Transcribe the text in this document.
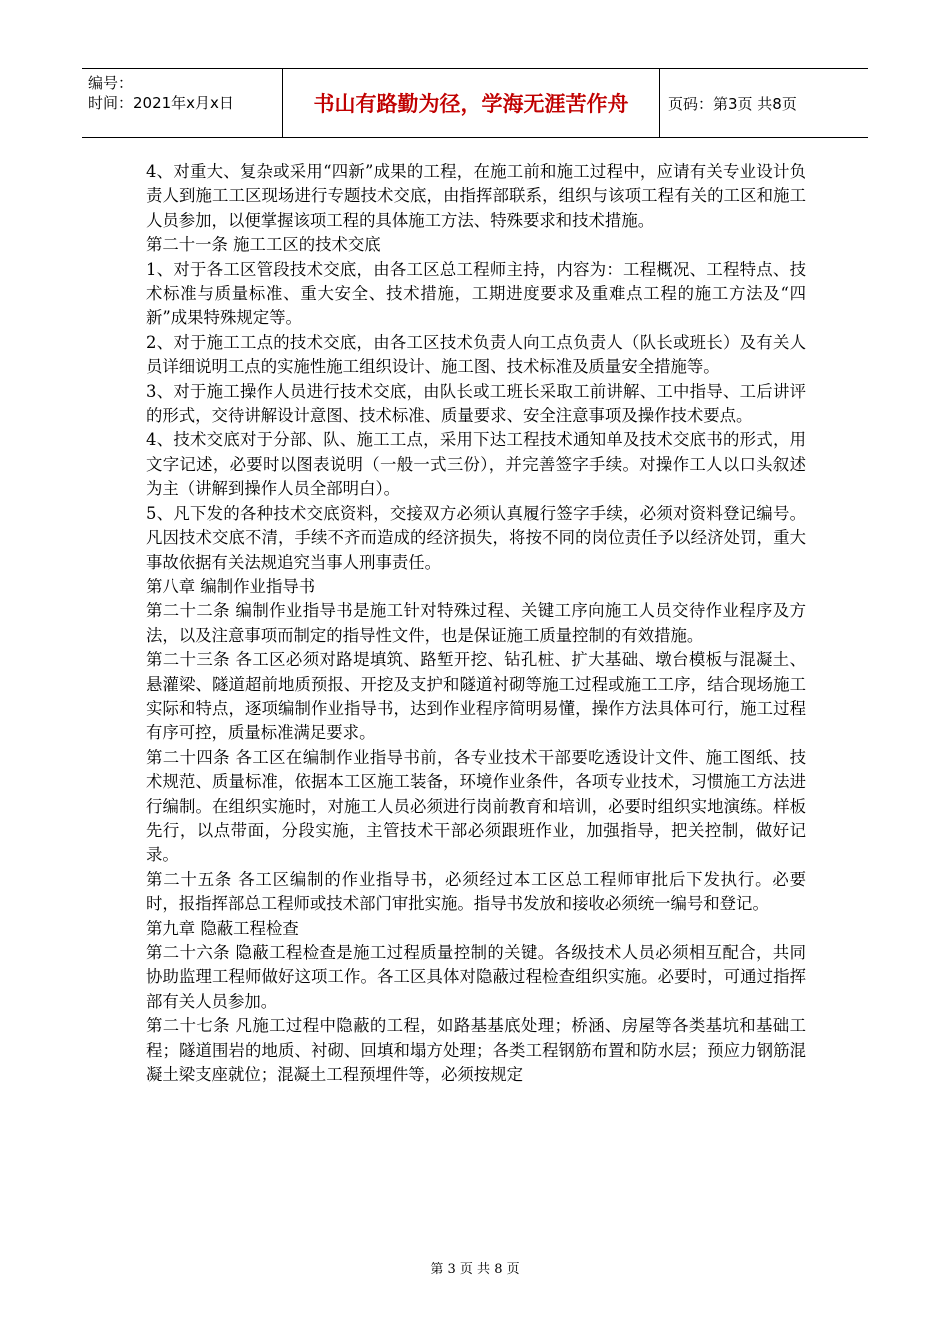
编号：
时间：2021年x月x日	书山有路勤为径，学海无涯苦作舟	页码：第3页 共8页

4、对重大、复杂或采用“四新”成果的工程，在施工前和施工过程中，应请有关专业设计负责人到施工工区现场进行专题技术交底，由指挥部联系，组织与该项工程有关的工区和施工人员参加，以便掌握该项工程的具体施工方法、特殊要求和技术措施。

第二十一条 施工工区的技术交底

1、对于各工区管段技术交底，由各工区总工程师主持，内容为：工程概况、工程特点、技术标准与质量标准、重大安全、技术措施，工期进度要求及重难点工程的施工方法及“四新”成果特殊规定等。

2、对于施工工点的技术交底，由各工区技术负责人向工点负责人（队长或班长）及有关人员详细说明工点的实施性施工组织设计、施工图、技术标准及质量安全措施等。

3、对于施工操作人员进行技术交底，由队长或工班长采取工前讲解、工中指导、工后讲评的形式，交待讲解设计意图、技术标准、质量要求、安全注意事项及操作技术要点。

4、技术交底对于分部、队、施工工点，采用下达工程技术通知单及技术交底书的形式，用文字记述，必要时以图表说明（一般一式三份），并完善签字手续。对操作工人以口头叙述为主（讲解到操作人员全部明白）。

5、凡下发的各种技术交底资料，交接双方必须认真履行签字手续，必须对资料登记编号。凡因技术交底不清，手续不齐而造成的经济损失，将按不同的岗位责任予以经济处罚，重大事故依据有关法规追究当事人刑事责任。

第八章 编制作业指导书

第二十二条 编制作业指导书是施工针对特殊过程、关键工序向施工人员交待作业程序及方法，以及注意事项而制定的指导性文件，也是保证施工质量控制的有效措施。

第二十三条 各工区必须对路堤填筑、路堑开挖、钻孔桩、扩大基础、墩台模板与混凝土、悬灌梁、隧道超前地质预报、开挖及支护和隧道衬砌等施工过程或施工工序，结合现场施工实际和特点，逐项编制作业指导书，达到作业程序简明易懂，操作方法具体可行，施工过程有序可控，质量标准满足要求。

第二十四条 各工区在编制作业指导书前，各专业技术干部要吃透设计文件、施工图纸、技术规范、质量标准，依据本工区施工装备，环境作业条件，各项专业技术，习惯施工方法进行编制。在组织实施时，对施工人员必须进行岗前教育和培训，必要时组织实地演练。样板先行，以点带面，分段实施，主管技术干部必须跟班作业，加强指导，把关控制，做好记录。

第二十五条 各工区编制的作业指导书，必须经过本工区总工程师审批后下发执行。必要时，报指挥部总工程师或技术部门审批实施。指导书发放和接收必须统一编号和登记。

第九章 隐蔽工程检查

第二十六条 隐蔽工程检查是施工过程质量控制的关键。各级技术人员必须相互配合，共同协助监理工程师做好这项工作。各工区具体对隐蔽过程检查组织实施。必要时，可通过指挥部有关人员参加。

第二十七条 凡施工过程中隐蔽的工程，如路基基底处理；桥涵、房屋等各类基坑和基础工程；隧道围岩的地质、衬砌、回填和塌方处理；各类工程钢筋布置和防水层；预应力钢筋混凝土梁支座就位；混凝土工程预埋件等，必须按规定

第 3 页 共 8 页
